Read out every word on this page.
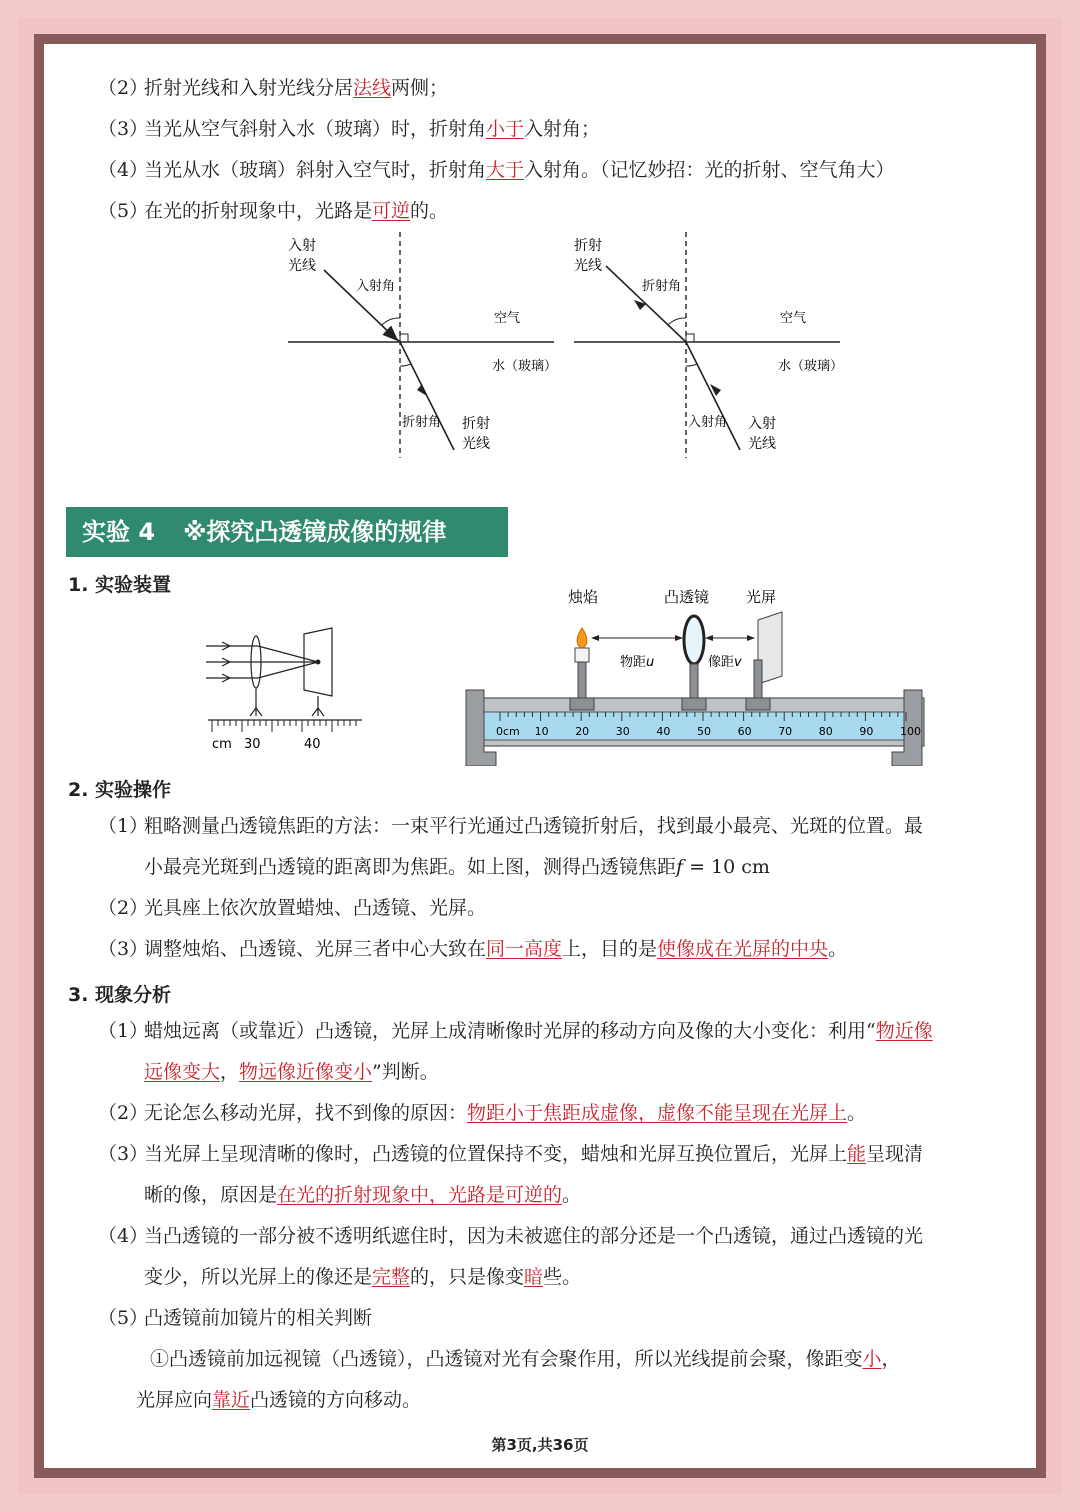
（2）
折射光线和入射光线分居法线两侧；
（3）
当光从空气斜射入水（玻璃）时，折射角小于入射角；
（4）
当光从水（玻璃）斜射入空气时，折射角大于入射角。（记忆妙招：光的折射、空气角大）
（5）
在光的折射现象中，光路是可逆的。
入射
光线
入射角
空气
水（玻璃）
折射角 折射
光线
折射
光线
折射角
空气
水（玻璃）
入射角 入射
光线
实验 4 ※探究凸透镜成像的规律
1. 实验装置
cm 30	40
烛焰	凸透镜 光屏
0cm 10 20 30 40 50 60 70 80 90 100
物距u	像距v
2. 实验操作
（1）
粗略测量凸透镜焦距的方法：一束平行光通过凸透镜折射后，找到最小最亮、光斑的位置。最
小最亮光斑到凸透镜的距离即为焦距。如上图，测得凸透镜焦距f = 10 cm
（2）
光具座上依次放置蜡烛、凸透镜、光屏。
（3）
调整烛焰、凸透镜、光屏三者中心大致在同一高度上，目的是使像成在光屏的中央。
3. 现象分析
（1）
蜡烛远离（或靠近）凸透镜，光屏上成清晰像时光屏的移动方向及像的大小变化：利用“物近像
远像变大，物远像近像变小”判断。
（2）
无论怎么移动光屏，找不到像的原因：物距小于焦距成虚像，虚像不能呈现在光屏上。
（3）
当光屏上呈现清晰的像时，凸透镜的位置保持不变，蜡烛和光屏互换位置后，光屏上能呈现清
晰的像，原因是在光的折射现象中，光路是可逆的。
（4）
当凸透镜的一部分被不透明纸遮住时，因为未被遮住的部分还是一个凸透镜，通过凸透镜的光
变少，所以光屏上的像还是完整的，只是像变暗些。
（5）
凸透镜前加镜片的相关判断
①凸透镜前加远视镜（凸透镜），凸透镜对光有会聚作用，所以光线提前会聚，像距变小，
光屏应向靠近凸透镜的方向移动。
第3页,共36页
